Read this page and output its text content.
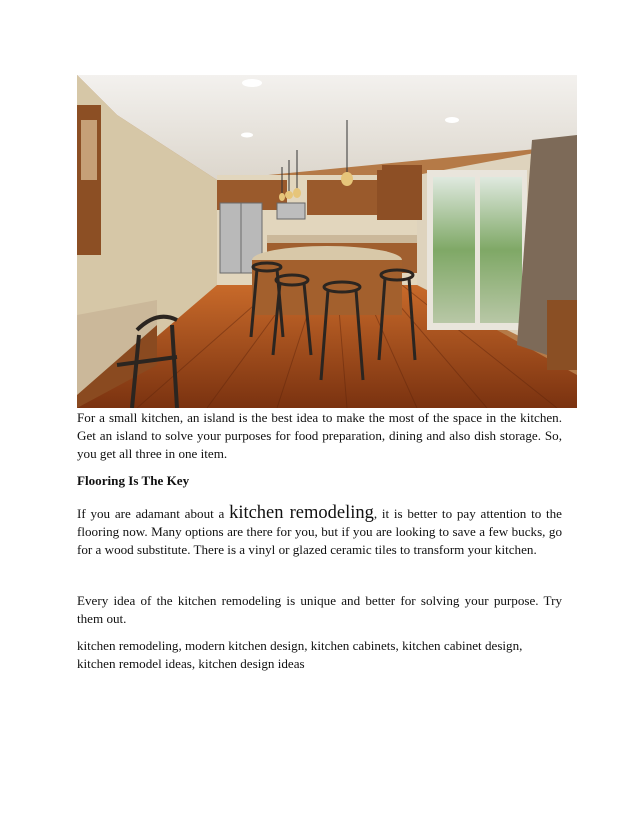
For a small kitchen, an island is the best idea to make the most of the space in the kitchen. Get an island to solve your purposes for food preparation, dining and also dish storage. So, you get all three in one item.

Flooring Is The Key

If you are adamant about a kitchen remodeling, it is better to pay attention to the flooring now. Many options are there for you, but if you are looking to save a few bucks, go for a wood substitute. There is a vinyl or glazed ceramic tiles to transform your kitchen.

Every idea of the kitchen remodeling is unique and better for solving your purpose. Try them out.

kitchen remodeling, modern kitchen design, kitchen cabinets, kitchen cabinet design,
kitchen remodel ideas, kitchen design ideas
